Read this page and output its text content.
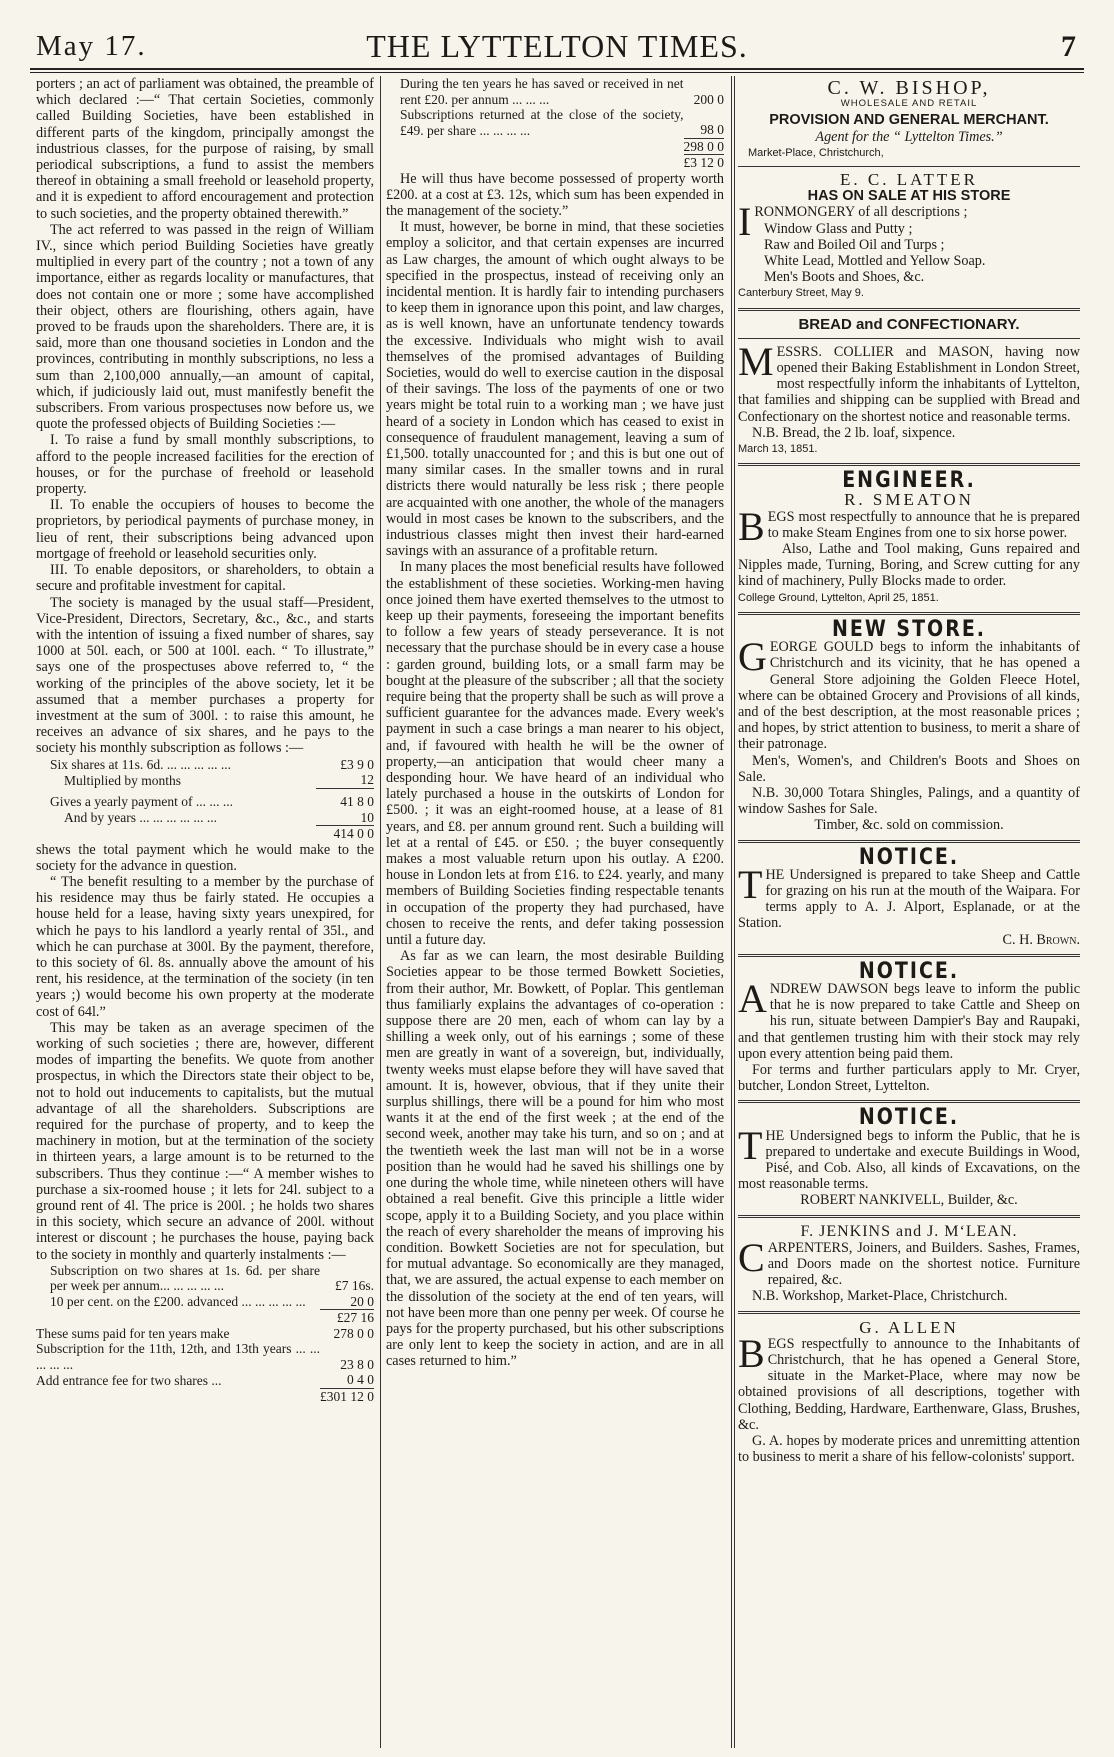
May 17.	THE LYTTELTON TIMES.	7

porters ; an act of parliament was obtained, the preamble of which declared :—“ That certain Societies, commonly called Building Societies, have been established in different parts of the kingdom, principally amongst the industrious classes, for the purpose of raising, by small periodical subscriptions, a fund to assist the members thereof in obtaining a small freehold or leasehold property, and it is expedient to afford encouragement and protection to such societies, and the property obtained therewith.”

The act referred to was passed in the reign of William IV., since which period Building Societies have greatly multiplied in every part of the country ; not a town of any importance, either as regards locality or manufactures, that does not contain one or more ; some have accomplished their object, others are flourishing, others again, have proved to be frauds upon the shareholders. There are, it is said, more than one thousand societies in London and the provinces, contributing in monthly subscriptions, no less a sum than 2,100,000 annually,—an amount of capital, which, if judiciously laid out, must manifestly benefit the subscribers. From various prospectuses now before us, we quote the professed objects of Building Societies :—

I. To raise a fund by small monthly subscriptions, to afford to the people increased facilities for the erection of houses, or for the purchase of freehold or leasehold property.

II. To enable the occupiers of houses to become the proprietors, by periodical payments of purchase money, in lieu of rent, their subscriptions being advanced upon mortgage of freehold or leasehold securities only.

III. To enable depositors, or shareholders, to obtain a secure and profitable investment for capital.

The society is managed by the usual staff—President, Vice-President, Directors, Secretary, &c., &c., and starts with the intention of issuing a fixed number of shares, say 1000 at 50l. each, or 500 at 100l. each. “ To illustrate,” says one of the prospectuses above referred to, “ the working of the principles of the above society, let it be assumed that a member purchases a property for investment at the sum of 300l. : to raise this amount, he receives an advance of six shares, and he pays to the society his monthly subscription as follows :—

Six shares at 11s. 6d. ... ... ... ... ...	£3 9 0
Multiplied by months	12
Gives a yearly payment of ... ... ...	41 8 0
And by years ... ... ... ... ... ...	10
	414 0 0

shews the total payment which he would make to the society for the advance in question.

“ The benefit resulting to a member by the purchase of his residence may thus be fairly stated. He occupies a house held for a lease, having sixty years unexpired, for which he pays to his landlord a yearly rental of 35l., and which he can purchase at 300l. By the payment, therefore, to this society of 6l. 8s. annually above the amount of his rent, his residence, at the termination of the society (in ten years ;) would become his own property at the moderate cost of 64l.”

This may be taken as an average specimen of the working of such societies ; there are, however, different modes of imparting the benefits. We quote from another prospectus, in which the Directors state their object to be, not to hold out inducements to capitalists, but the mutual advantage of all the shareholders. Subscriptions are required for the purchase of property, and to keep the machinery in motion, but at the termination of the society in thirteen years, a large amount is to be returned to the subscribers. Thus they continue :—“ A member wishes to purchase a six-roomed house ; it lets for 24l. subject to a ground rent of 4l. The price is 200l. ; he holds two shares in this society, which secure an advance of 200l. without interest or discount ; he purchases the house, paying back to the society in monthly and quarterly instalments :—

Subscription on two shares at 1s. 6d. per share per week per annum... ... ... ... ...	£7 16s.
10 per cent. on the £200. advanced ... ... ... ... ...	20 0
	£27 16
These sums paid for ten years make	278 0 0
Subscription for the 11th, 12th, and 13th years ... ... ... ... ...	23 8 0
Add entrance fee for two shares ...	0 4 0
	£301 12 0
During the ten years he has saved or received in net rent £20. per annum ... ... ...	200 0
Subscriptions returned at the close of the society, £49. per share ... ... ... ...	98 0
	298 0 0
	£3 12 0

He will thus have become possessed of property worth £200. at a cost at £3. 12s, which sum has been expended in the management of the society.”

It must, however, be borne in mind, that these societies employ a solicitor, and that certain expenses are incurred as Law charges, the amount of which ought always to be specified in the prospectus, instead of receiving only an incidental mention. It is hardly fair to intending purchasers to keep them in ignorance upon this point, and law charges, as is well known, have an unfortunate tendency towards the excessive. Individuals who might wish to avail themselves of the promised advantages of Building Societies, would do well to exercise caution in the disposal of their savings. The loss of the payments of one or two years might be total ruin to a working man ; we have just heard of a society in London which has ceased to exist in consequence of fraudulent management, leaving a sum of £1,500. totally unaccounted for ; and this is but one out of many similar cases. In the smaller towns and in rural districts there would naturally be less risk ; there people are acquainted with one another, the whole of the managers would in most cases be known to the subscribers, and the industrious classes might then invest their hard-earned savings with an assurance of a profitable return.

In many places the most beneficial results have followed the establishment of these societies. Working-men having once joined them have exerted themselves to the utmost to keep up their payments, foreseeing the important benefits to follow a few years of steady perseverance. It is not necessary that the purchase should be in every case a house : garden ground, building lots, or a small farm may be bought at the pleasure of the subscriber ; all that the society require being that the property shall be such as will prove a sufficient guarantee for the advances made. Every week's payment in such a case brings a man nearer to his object, and, if favoured with health he will be the owner of property,—an anticipation that would cheer many a desponding hour. We have heard of an individual who lately purchased a house in the outskirts of London for £500. ; it was an eight-roomed house, at a lease of 81 years, and £8. per annum ground rent. Such a building will let at a rental of £45. or £50. ; the buyer consequently makes a most valuable return upon his outlay. A £200. house in London lets at from £16. to £24. yearly, and many members of Building Societies finding respectable tenants in occupation of the property they had purchased, have chosen to receive the rents, and defer taking possession until a future day.

As far as we can learn, the most desirable Building Societies appear to be those termed Bowkett Societies, from their author, Mr. Bowkett, of Poplar. This gentleman thus familiarly explains the advantages of co-operation : suppose there are 20 men, each of whom can lay by a shilling a week only, out of his earnings ; some of these men are greatly in want of a sovereign, but, individually, twenty weeks must elapse before they will have saved that amount. It is, however, obvious, that if they unite their surplus shillings, there will be a pound for him who most wants it at the end of the first week ; at the end of the second week, another may take his turn, and so on ; and at the twentieth week the last man will not be in a worse position than he would had he saved his shillings one by one during the whole time, while nineteen others will have obtained a real benefit. Give this principle a little wider scope, apply it to a Building Society, and you place within the reach of every shareholder the means of improving his condition. Bowkett Societies are not for speculation, but for mutual advantage. So economically are they managed, that, we are assured, the actual expense to each member on the dissolution of the society at the end of ten years, will not have been more than one penny per week. Of course he pays for the property purchased, but his other subscriptions are only lent to keep the society in action, and are in all cases returned to him.”

C. W. BISHOP,
WHOLESALE AND RETAIL
PROVISION AND GENERAL MERCHANT.
Agent for the “ Lyttelton Times.”
Market-Place, Christchurch,
E. C. LATTER
HAS ON SALE AT HIS STORE
IRONMONGERY of all descriptions ;
Window Glass and Putty ;
Raw and Boiled Oil and Turps ;
White Lead, Mottled and Yellow Soap.
Men's Boots and Shoes, &c.
Canterbury Street, May 9.
BREAD and CONFECTIONARY.

MESSRS. COLLIER and MASON, having now opened their Baking Establishment in London Street, most respectfully inform the inhabitants of Lyttelton, that families and shipping can be supplied with Bread and Confectionary on the shortest notice and reasonable terms.

N.B. Bread, the 2 lb. loaf, sixpence.

March 13, 1851.
ENGINEER.
R. SMEATON

BEGS most respectfully to announce that he is prepared to make Steam Engines from one to six horse power.

Also, Lathe and Tool making, Guns repaired and Nipples made, Turning, Boring, and Screw cutting for any kind of machinery, Pully Blocks made to order.

College Ground, Lyttelton, April 25, 1851.
NEW STORE.

GEORGE GOULD begs to inform the inhabitants of Christchurch and its vicinity, that he has opened a General Store adjoining the Golden Fleece Hotel, where can be obtained Grocery and Provisions of all kinds, and of the best description, at the most reasonable prices ; and hopes, by strict attention to business, to merit a share of their patronage.

Men's, Women's, and Children's Boots and Shoes on Sale.

N.B. 30,000 Totara Shingles, Palings, and a quantity of window Sashes for Sale.

Timber, &c. sold on commission.

NOTICE.

THE Undersigned is prepared to take Sheep and Cattle for grazing on his run at the mouth of the Waipara. For terms apply to A. J. Alport, Esplanade, or at the Station.

C. H. Brown.
NOTICE.

ANDREW DAWSON begs leave to inform the public that he is now prepared to take Cattle and Sheep on his run, situate between Dampier's Bay and Raupaki, and that gentlemen trusting him with their stock may rely upon every attention being paid them.

For terms and further particulars apply to Mr. Cryer, butcher, London Street, Lyttelton.

NOTICE.

THE Undersigned begs to inform the Public, that he is prepared to undertake and execute Buildings in Wood, Pisé, and Cob. Also, all kinds of Excavations, on the most reasonable terms.

ROBERT NANKIVELL, Builder, &c.
F. JENKINS and J. M‘LEAN.

CARPENTERS, Joiners, and Builders. Sashes, Frames, and Doors made on the shortest notice. Furniture repaired, &c.

N.B. Workshop, Market-Place, Christchurch.

G. ALLEN

BEGS respectfully to announce to the Inhabitants of Christchurch, that he has opened a General Store, situate in the Market-Place, where may now be obtained provisions of all descriptions, together with Clothing, Bedding, Hardware, Earthenware, Glass, Brushes, &c.

G. A. hopes by moderate prices and unremitting attention to business to merit a share of his fellow-colonists' support.
